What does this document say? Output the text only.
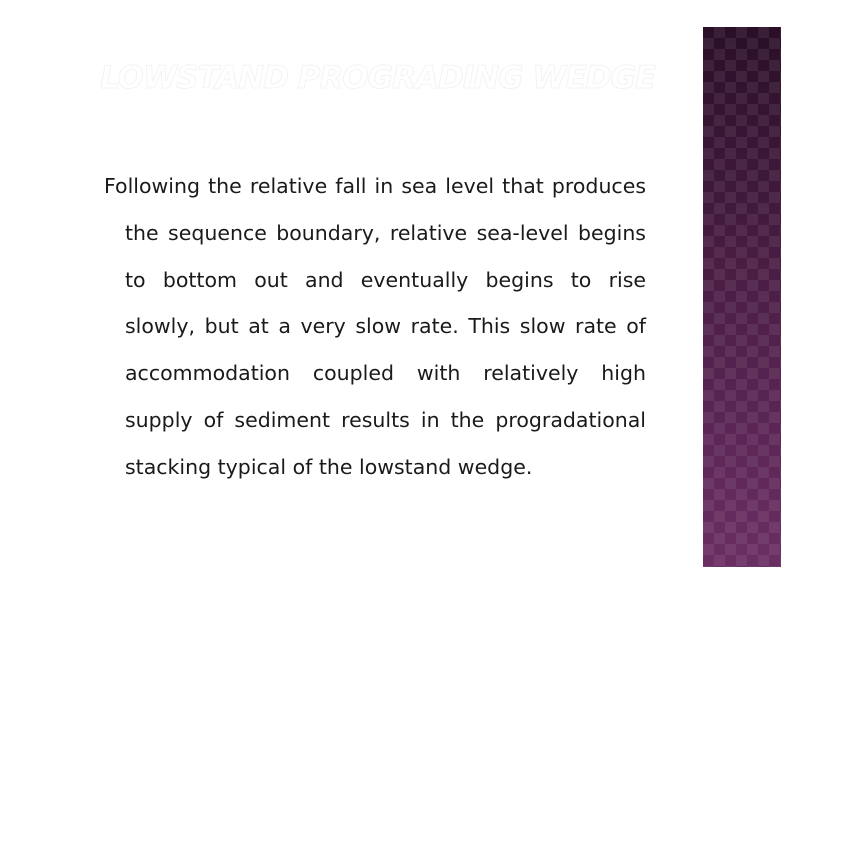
LOWSTAND PROGRADING WEDGE
Following the relative fall in sea level that produces the sequence boundary, relative sea-level begins to bottom out and eventually begins to rise slowly, but at a very slow rate. This slow rate of accommodation coupled with relatively high supply of sediment results in the progradational stacking typical of the lowstand wedge.
